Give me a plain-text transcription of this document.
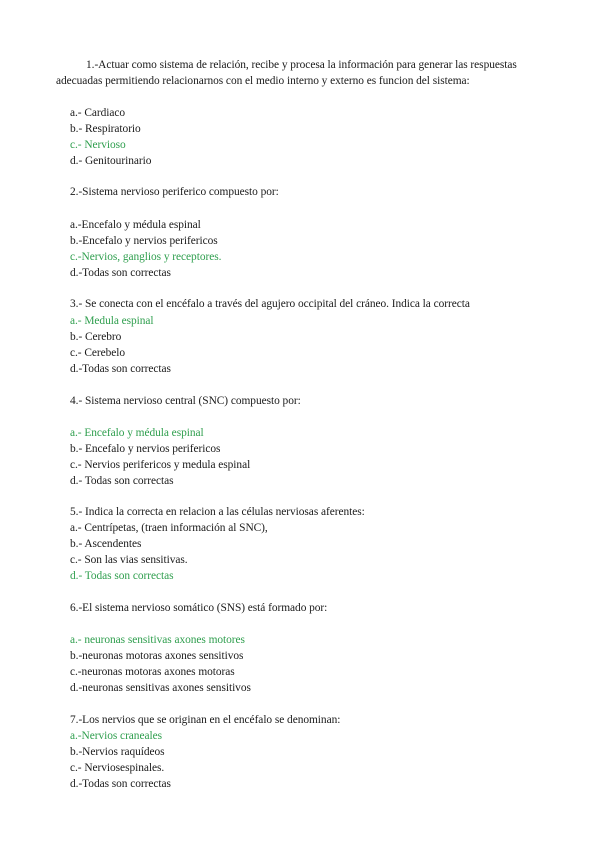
1.-Actuar como sistema de relación, recibe y procesa la información para generar las respuestas
adecuadas permitiendo relacionarnos con el medio interno y externo es funcion del sistema:
a.- Cardiaco
b.- Respiratorio
c.- Nervioso
d.- Genitourinario
2.-Sistema nervioso periferico compuesto por:
a.-Encefalo y médula espinal
b.-Encefalo y nervios perifericos
c.-Nervios, ganglios y receptores.
d.-Todas son correctas
3.- Se conecta con el encéfalo a través del agujero occipital del cráneo. Indica la correcta
a.- Medula espinal
b.- Cerebro
c.- Cerebelo
d.-Todas son correctas
4.- Sistema nervioso central (SNC) compuesto por:
a.- Encefalo y médula espinal
b.- Encefalo y nervios perifericos
c.- Nervios perifericos y medula espinal
d.- Todas son correctas
5.- Indica la correcta en relacion a las células nerviosas aferentes:
a.- Centrípetas, (traen información al SNC),
b.- Ascendentes
c.- Son las vias sensitivas.
d.- Todas son correctas
6.-El sistema nervioso somático (SNS) está formado por:
a.- neuronas sensitivas axones motores
b.-neuronas motoras axones sensitivos
c.-neuronas motoras axones motoras
d.-neuronas sensitivas axones sensitivos
7.-Los nervios que se originan en el encéfalo se denominan:
a.-Nervios craneales
b.-Nervios raquídeos
c.- Nerviosespinales.
d.-Todas son correctas
